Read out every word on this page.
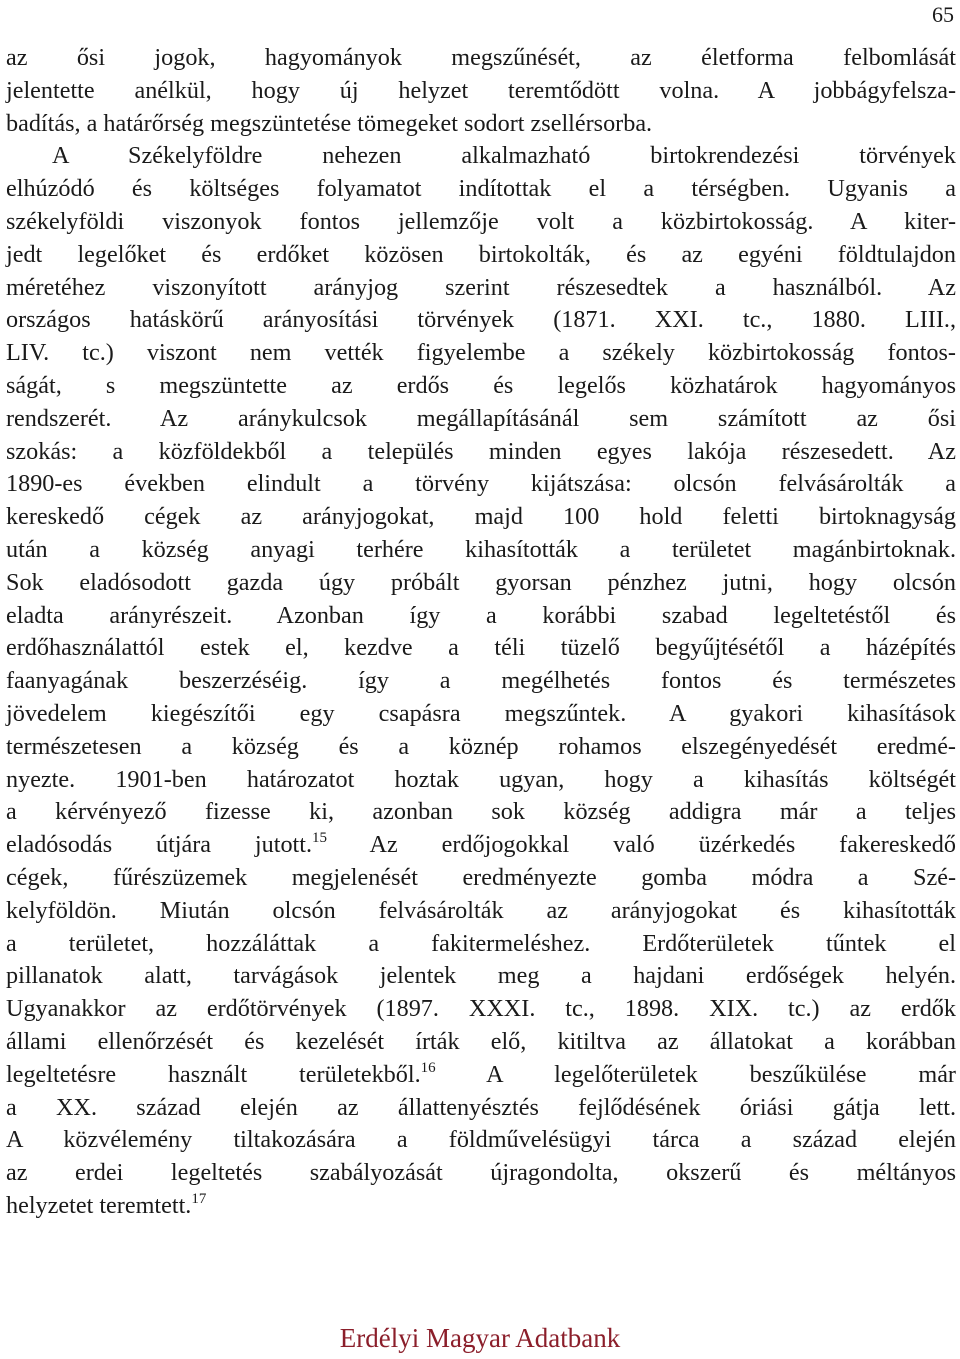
65
az ősi jogok, hagyományok megszűnését, az életforma felbomlását
jelentette anélkül, hogy új helyzet teremtődött volna. A jobbágyfelsza-
badítás, a határőrség megszüntetése tömegeket sodort zsellérsorba.
A Székelyföldre nehezen alkalmazható birtokrendezési törvények
elhúzódó és költséges folyamatot indítottak el a térségben. Ugyanis a
székelyföldi viszonyok fontos jellemzője volt a közbirtokosság. A kiter-
jedt legelőket és erdőket közösen birtokolták, és az egyéni földtulajdon
méretéhez viszonyított arányjog szerint részesedtek a használból. Az
országos hatáskörű arányosítási törvények (1871. XXI. tc., 1880. LIII.,
LIV. tc.) viszont nem vették figyelembe a székely közbirtokosság fontos-
ságát, s megszüntette az erdős és legelős közhatárok hagyományos
rendszerét. Az aránykulcsok megállapításánál sem számított az ősi
szokás: a közföldekből a település minden egyes lakója részesedett. Az
1890-es években elindult a törvény kijátszása: olcsón felvásárolták a
kereskedő cégek az arányjogokat, majd 100 hold feletti birtoknagyság
után a község anyagi terhére kihasították a területet magánbirtoknak.
Sok eladósodott gazda úgy próbált gyorsan pénzhez jutni, hogy olcsón
eladta arányrészeit. Azonban így a korábbi szabad legeltetéstől és
erdőhasználattól estek el, kezdve a téli tüzelő begyűjtésétől a házépítés
faanyagának beszerzéséig. így a megélhetés fontos és természetes
jövedelem kiegészítői egy csapásra megszűntek. A gyakori kihasítások
természetesen a község és a köznép rohamos elszegényedését eredmé-
nyezte. 1901-ben határozatot hoztak ugyan, hogy a kihasítás költségét
a kérvényező fizesse ki, azonban sok község addigra már a teljes
eladósodás útjára jutott.$^{15}$ Az erdőjogokkal való üzérkedés fakereskedő
cégek, fűrészüzemek megjelenését eredményezte gomba módra a Szé-
kelyföldön. Miután olcsón felvásárolták az arányjogokat és kihasították
a területet, hozzáláttak a fakitermeléshez. Erdőterületek tűntek el
pillanatok alatt, tarvágások jelentek meg a hajdani erdőségek helyén.
Ugyanakkor az erdőtörvények (1897. XXXI. tc., 1898. XIX. tc.) az erdők
állami ellenőrzését és kezelését írták elő, kitiltva az állatokat a korábban
legeltetésre használt területekből.$^{16}$ A legelőterületek beszűkülése már
a XX. század elején az állattenyésztés fejlődésének óriási gátja lett.
A közvélemény tiltakozására a földművelésügyi tárca a század elején
az erdei legeltetés szabályozását újragondolta, okszerű és méltányos
helyzetet teremtett.$^{17}$
Erdélyi Magyar Adatbank
